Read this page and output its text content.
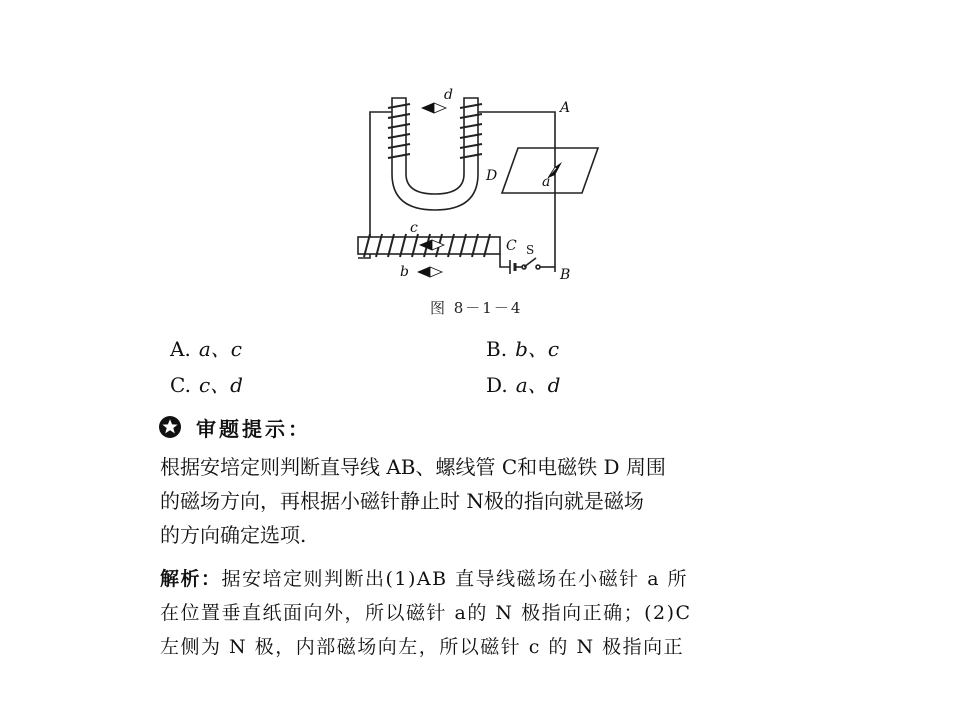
d
A
D	a
c
C
b	B
S
图 8－1－4
A. a、c	B. b、c
C. c、d	D. a、d
审题提示：
根据安培定则判断直导线 AB、螺线管 C和电磁铁 D 周围
的磁场方向，再根据小磁针静止时 N极的指向就是磁场
的方向确定选项.
解析：据安培定则判断出(1)AB 直导线磁场在小磁针 a 所
在位置垂直纸面向外，所以磁针 a的 N 极指向正确；(2)C
左侧为 N 极，内部磁场向左，所以磁针 c 的 N 极指向正
